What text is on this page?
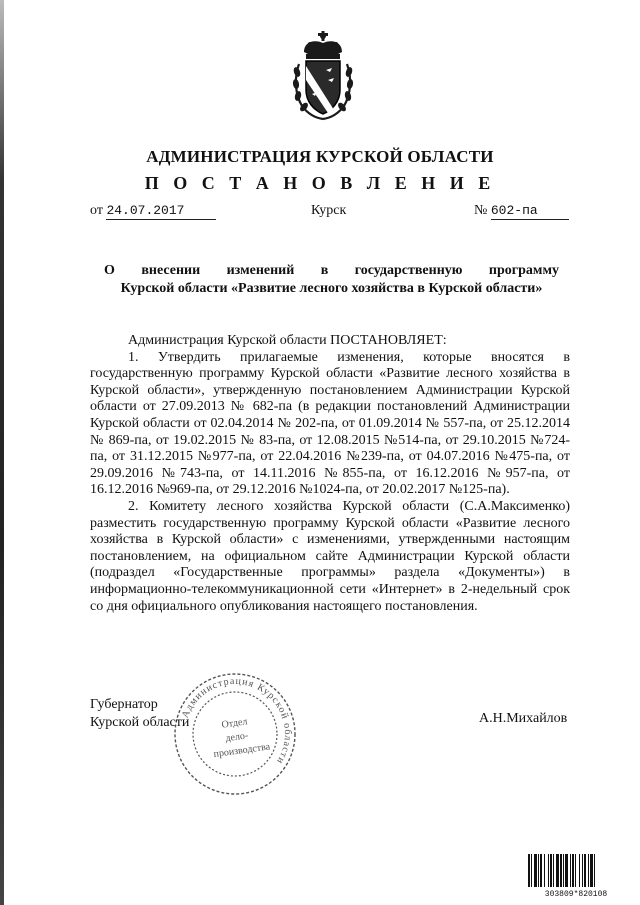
АДМИНИСТРАЦИЯ КУРСКОЙ ОБЛАСТИ
П О С Т А Н О В Л Е Н И Е
от 24.07.2017	Курск	№ 602-па
О внесении изменений в государственную программу
Курской области «Развитие лесного хозяйства в Курской области»

Администрация Курской области ПОСТАНОВЛЯЕТ:

1. Утвердить прилагаемые изменения, которые вносятся в государственную программу Курской области «Развитие лесного хозяйства в Курской области», утвержденную постановлением Администрации Курской области от 27.09.2013 № 682-па (в редакции постановлений Администрации Курской области от 02.04.2014 № 202-па, от 01.09.2014 № 557-па, от 25.12.2014 № 869-па, от 19.02.2015 № 83-па, от 12.08.2015 №514-па, от 29.10.2015 №724-па, от 31.12.2015 №977-па, от 22.04.2016 №239-па, от 04.07.2016 №475-па, от 29.09.2016 №743-па, от 14.11.2016 №855-па, от 16.12.2016 №957-па, от 16.12.2016 №969-па, от 29.12.2016 №1024-па, от 20.02.2017 №125-па).

2. Комитету лесного хозяйства Курской области (С.А.Максименко) разместить государственную программу Курской области «Развитие лесного хозяйства в Курской области» с изменениями, утвержденными настоящим постановлением, на официальном сайте Администрации Курской области (подраздел «Государственные программы» раздела «Документы») в информационно-телекоммуникационной сети «Интернет» в 2-недельный срок со дня официального опубликования настоящего постановления.

Администрация Курской области
Отдел
дело-
производства
Губернатор
Курской области	А.Н.Михайлов
303809*820108
